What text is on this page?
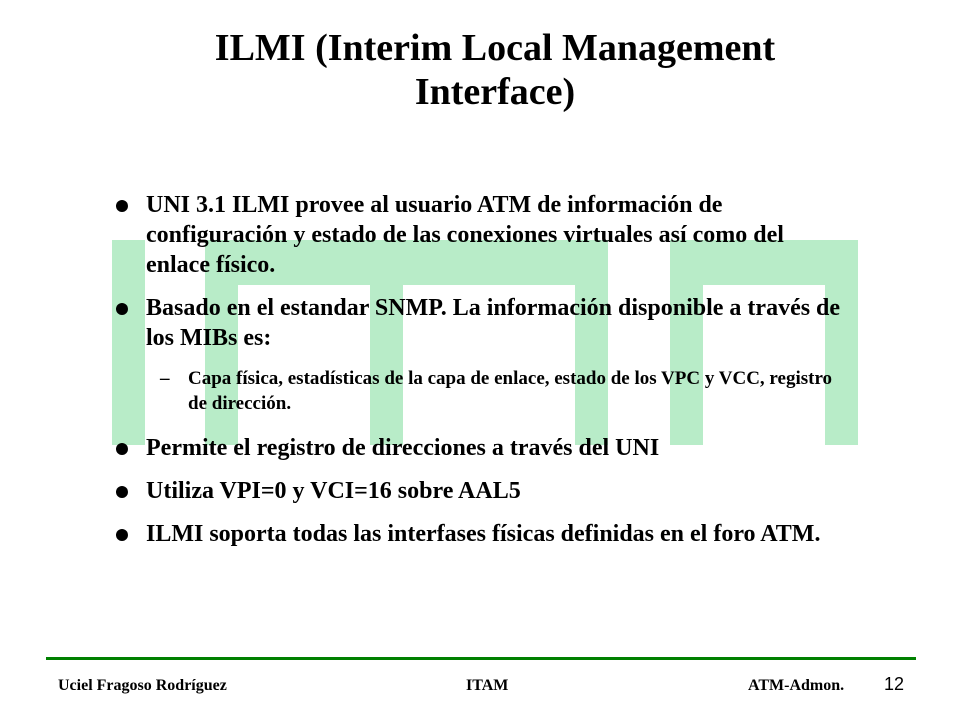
ILMI (Interim Local Management
Interface)
UNI 3.1 ILMI provee al usuario ATM de información de configuración y estado de las conexiones virtuales así como del enlace físico.
Basado en el estandar SNMP. La información disponible a través de los MIBs es:
– Capa física, estadísticas de la capa de enlace, estado de los VPC y VCC, registro de dirección.
Permite el registro de direcciones a través del UNI
Utiliza VPI=0 y VCI=16 sobre AAL5
ILMI soporta todas las interfases físicas definidas en el foro ATM.
Uciel Fragoso Rodríguez	ITAM	ATM-Admon. 12
